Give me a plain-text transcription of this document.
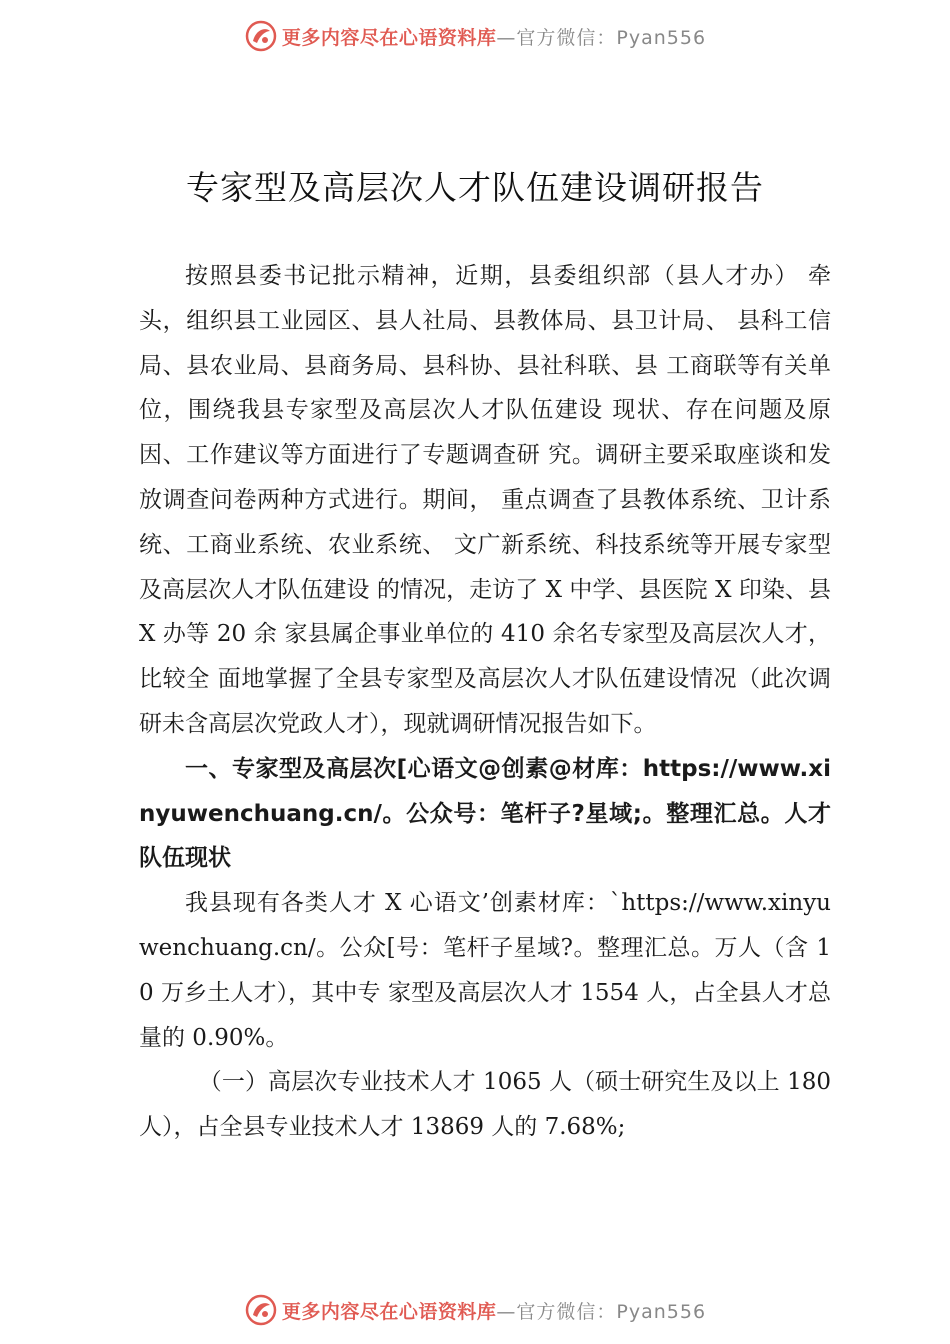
更多内容尽在心语资料库 —官方微信：Pyan556
专家型及高层次人才队伍建设调研报告

按照县委书记批示精神，近期，县委组织部（县人才办） 牵头，组织县工业园区、县人社局、县教体局、县卫计局、 县科工信局、县农业局、县商务局、县科协、县社科联、县 工商联等有关单位，围绕我县专家型及高层次人才队伍建设 现状、存在问题及原因、工作建议等方面进行了专题调查研 究。调研主要采取座谈和发放调查问卷两种方式进行。期间， 重点调查了县教体系统、卫计系统、工商业系统、农业系统、 文广新系统、科技系统等开展专家型及高层次人才队伍建设 的情况，走访了 X 中学、县医院 X 印染、县 X 办等 20 余 家县属企事业单位的 410 余名专家型及高层次人才，比较全 面地掌握了全县专家型及高层次人才队伍建设情况（此次调 研未含高层次党政人才），现就调研情况报告如下。

一、专家型及高层次[心语文@创素@材库：https://www.xinyuwenchuang.cn/。公众号：笔杆子?星域;。整理汇总。人才队伍现状

我县现有各类人才 X 心语文’创素材库：`https://www.xinyuwenchuang.cn/。公众[号：笔杆子星域?。整理汇总。万人（含 10 万乡土人才），其中专 家型及高层次人才 1554 人，占全县人才总量的 0.90%。

（一）高层次专业技术人才 1065 人（硕士研究生及以上 180 人），占全县专业技术人才 13869 人的 7.68%;

更多内容尽在心语资料库 —官方微信：Pyan556
